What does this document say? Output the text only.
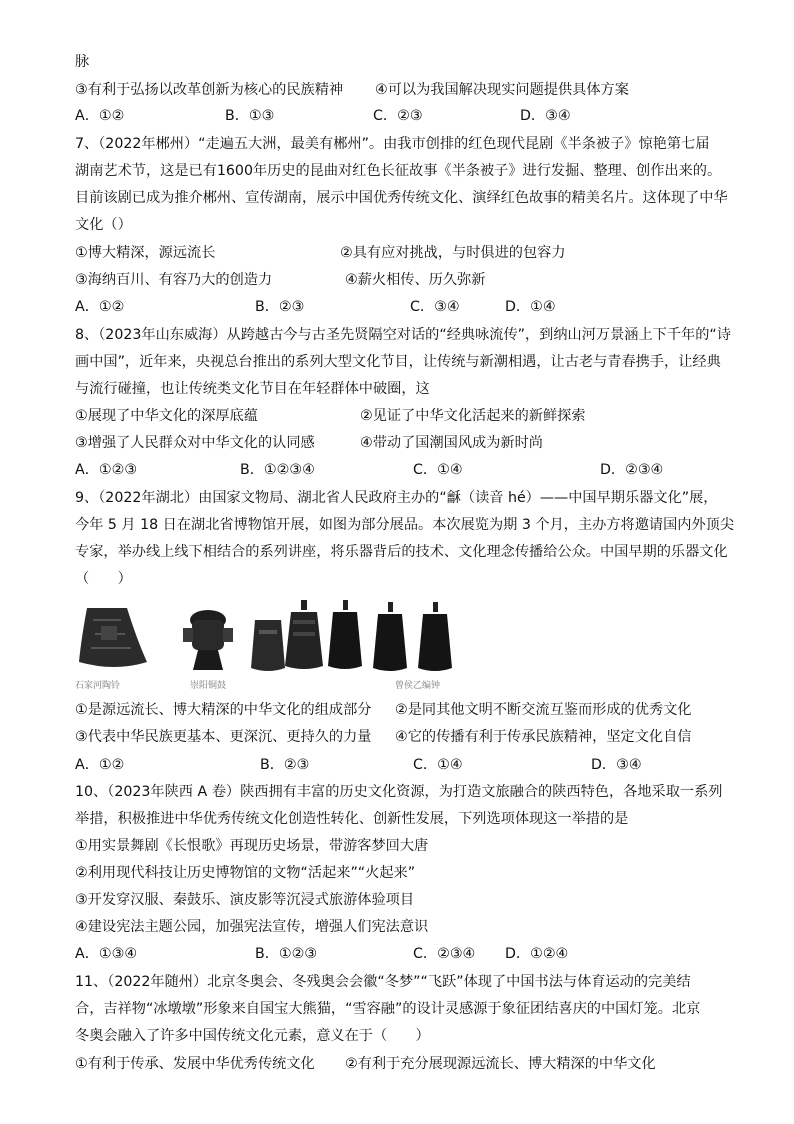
脉
③有利于弘扬以改革创新为核心的民族精神 ④可以为我国解决现实问题提供具体方案
A．①②	B．①③	C．②③	D．③④
7、（2022年郴州）“走遍五大洲，最美有郴州”。由我市创排的红色现代昆剧《半条被子》惊艳第七届
湖南艺术节，这是已有1600年历史的昆曲对红色长征故事《半条被子》进行发掘、整理、创作出来的。
目前该剧已成为推介郴州、宣传湖南，展示中国优秀传统文化、演绎红色故事的精美名片。这体现了中华
文化（）
①博大精深，源远流长	②具有应对挑战，与时俱进的包容力
③海纳百川、有容乃大的创造力	④薪火相传、历久弥新
A．①②	B．②③	C．③④	D．①④
8、（2023年山东威海）从跨越古今与古圣先贤隔空对话的“经典咏流传”，到纳山河万景涵上下千年的“诗
画中国”，近年来，央视总台推出的系列大型文化节目，让传统与新潮相遇，让古老与青春携手，让经典
与流行碰撞，也让传统类文化节目在年轻群体中破圈，这
①展现了中华文化的深厚底蕴	②见证了中华文化活起来的新鲜探索
③增强了人民群众对中华文化的认同感	④带动了国潮国风成为新时尚
A．①②③	B．①②③④	C．①④	D．②③④
9、（2022年湖北）由国家文物局、湖北省人民政府主办的“龢（读音 hé）——中国早期乐器文化”展，
今年 5 月 18 日在湖北省博物馆开展，如图为部分展品。本次展览为期 3 个月，主办方将邀请国内外顶尖
专家，举办线上线下相结合的系列讲座，将乐器背后的技术、文化理念传播给公众。中国早期的乐器文化
（　　）
石家河陶铃	崇阳铜鼓	曾侯乙编钟
①是源远流长、博大精深的中华文化的组成部分 ②是同其他文明不断交流互鉴而形成的优秀文化
③代表中华民族更基本、更深沉、更持久的力量 ④它的传播有利于传承民族精神，坚定文化自信
A．①②	B．②③	C．①④	D．③④
10、（2023年陕西 A 卷）陕西拥有丰富的历史文化资源，为打造文旅融合的陕西特色，各地采取一系列
举措，积极推进中华优秀传统文化创造性转化、创新性发展，下列选项体现这一举措的是
①用实景舞剧《长恨歌》再现历史场景，带游客梦回大唐
②利用现代科技让历史博物馆的文物“活起来”“火起来”
③开发穿汉服、秦鼓乐、演皮影等沉浸式旅游体验项目
④建设宪法主题公园，加强宪法宣传，增强人们宪法意识
A．①③④	B．①②③	C．②③④ D．①②④
11、（2022年随州）北京冬奥会、冬残奥会会徽“冬梦”“飞跃”体现了中国书法与体育运动的完美结
合，吉祥物“冰墩墩”形象来自国宝大熊猫，“雪容融”的设计灵感源于象征团结喜庆的中国灯笼。北京
冬奥会融入了许多中国传统文化元素，意义在于（　　）
①有利于传承、发展中华优秀传统文化 ②有利于充分展现源远流长、博大精深的中华文化
